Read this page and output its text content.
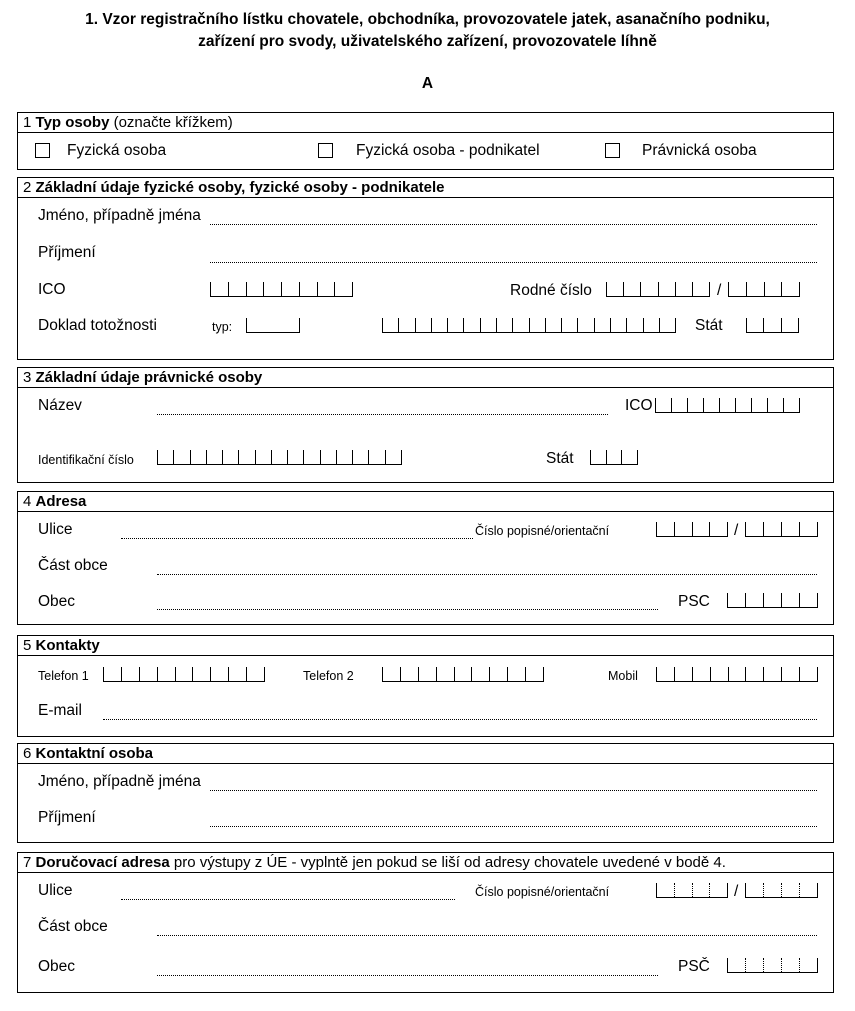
1. Vzor registračního lístku chovatele, obchodníka, provozovatele jatek, asanačního podniku,
zařízení pro svody, uživatelského zařízení, provozovatele líhně
A
1 Typ osoby (označte křížkem)
Fyzická osoba	Fyzická osoba - podnikatel	Právnická osoba
2 Základní údaje fyzické osoby, fyzické osoby - podnikatele
Jméno, případně jména
Příjmení
ICO	Rodné číslo	/
Doklad totožnosti	typ:	Stát
3 Základní údaje právnické osoby
Název	ICO
Identifikační číslo	Stát
4 Adresa
Ulice	Číslo popisné/orientační	/
Část obce
Obec	PSC
5 Kontakty
Telefon 1	Telefon 2	Mobil
E-mail
6 Kontaktní osoba
Jméno, případně jména
Příjmení
7 Doručovací adresa pro výstupy z ÚE - vyplntě jen pokud se liší od adresy chovatele uvedené v bodě 4.
Ulice	Číslo popisné/orientační	/
Část obce
Obec	PSČ
